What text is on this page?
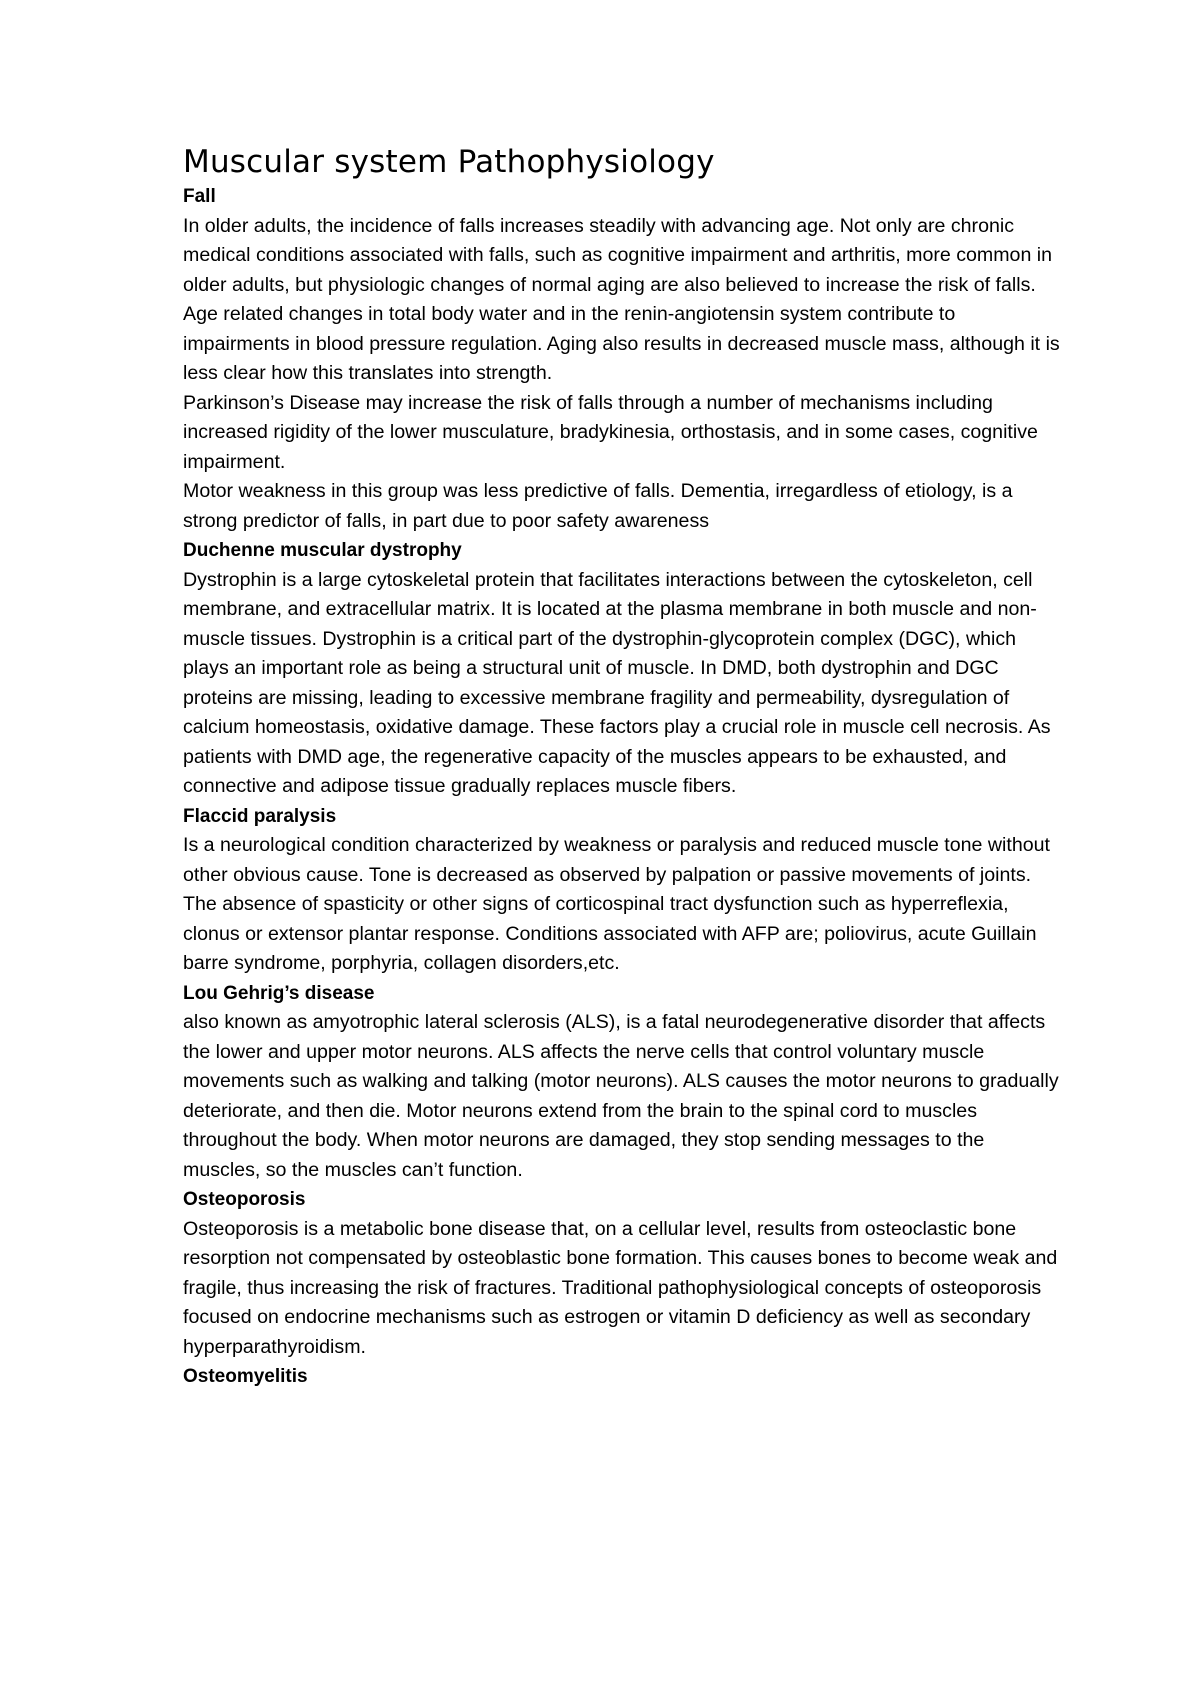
Muscular system Pathophysiology
Fall

In older adults, the incidence of falls increases steadily with advancing age. Not only are chronic medical conditions associated with falls, such as cognitive impairment and arthritis, more common in older adults, but physiologic changes of normal aging are also believed to increase the risk of falls. Age related changes in total body water and in the renin-angiotensin system contribute to impairments in blood pressure regulation. Aging also results in decreased muscle mass, although it is less clear how this translates into strength.

Parkinson’s Disease may increase the risk of falls through a number of mechanisms including increased rigidity of the lower musculature, bradykinesia, orthostasis, and in some cases, cognitive impairment.

Motor weakness in this group was less predictive of falls. Dementia, irregardless of etiology, is a strong predictor of falls, in part due to poor safety awareness

Duchenne muscular dystrophy

Dystrophin is a large cytoskeletal protein that facilitates interactions between the cytoskeleton, cell membrane, and extracellular matrix. It is located at the plasma membrane in both muscle and non-muscle tissues. Dystrophin is a critical part of the dystrophin-glycoprotein complex (DGC), which plays an important role as being a structural unit of muscle. In DMD, both dystrophin and DGC proteins are missing, leading to excessive membrane fragility and permeability, dysregulation of calcium homeostasis, oxidative damage. These factors play a crucial role in muscle cell necrosis. As patients with DMD age, the regenerative capacity of the muscles appears to be exhausted, and connective and adipose tissue gradually replaces muscle fibers.

Flaccid paralysis

Is a neurological condition characterized by weakness or paralysis and reduced muscle tone without other obvious cause. Tone is decreased as observed by palpation or passive movements of joints. The absence of spasticity or other signs of corticospinal tract dysfunction such as hyperreflexia, clonus or extensor plantar response. Conditions associated with AFP are; poliovirus, acute Guillain barre syndrome, porphyria, collagen disorders,etc.

Lou Gehrig’s disease

also known as amyotrophic lateral sclerosis (ALS), is a fatal neurodegenerative disorder that affects the lower and upper motor neurons. ALS affects the nerve cells that control voluntary muscle movements such as walking and talking (motor neurons). ALS causes the motor neurons to gradually deteriorate, and then die. Motor neurons extend from the brain to the spinal cord to muscles throughout the body. When motor neurons are damaged, they stop sending messages to the muscles, so the muscles can’t function.

Osteoporosis

Osteoporosis is a metabolic bone disease that, on a cellular level, results from osteoclastic bone resorption not compensated by osteoblastic bone formation. This causes bones to become weak and fragile, thus increasing the risk of fractures. Traditional pathophysiological concepts of osteoporosis focused on endocrine mechanisms such as estrogen or vitamin D deficiency as well as secondary hyperparathyroidism.

Osteomyelitis
